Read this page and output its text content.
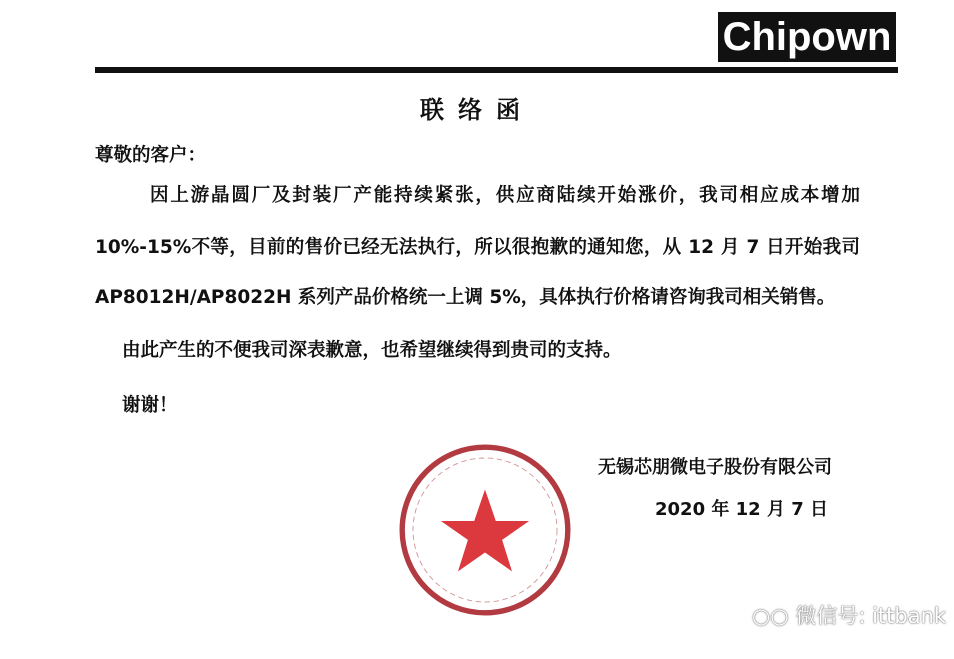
Chipown
联络函
尊敬的客户：
因上游晶圆厂及封装厂产能持续紧张，供应商陆续开始涨价，我司相应成本增加
10%-15%不等，目前的售价已经无法执行，所以很抱歉的通知您，从 12 月 7 日开始我司
AP8012H/AP8022H 系列产品价格统一上调 5%，具体执行价格请咨询我司相关销售。
由此产生的不便我司深表歉意，也希望继续得到贵司的支持。
谢谢！
无锡芯朋微电子股份有限公司
2020 年 12 月 7 日
○○ 微信号: ittbank
